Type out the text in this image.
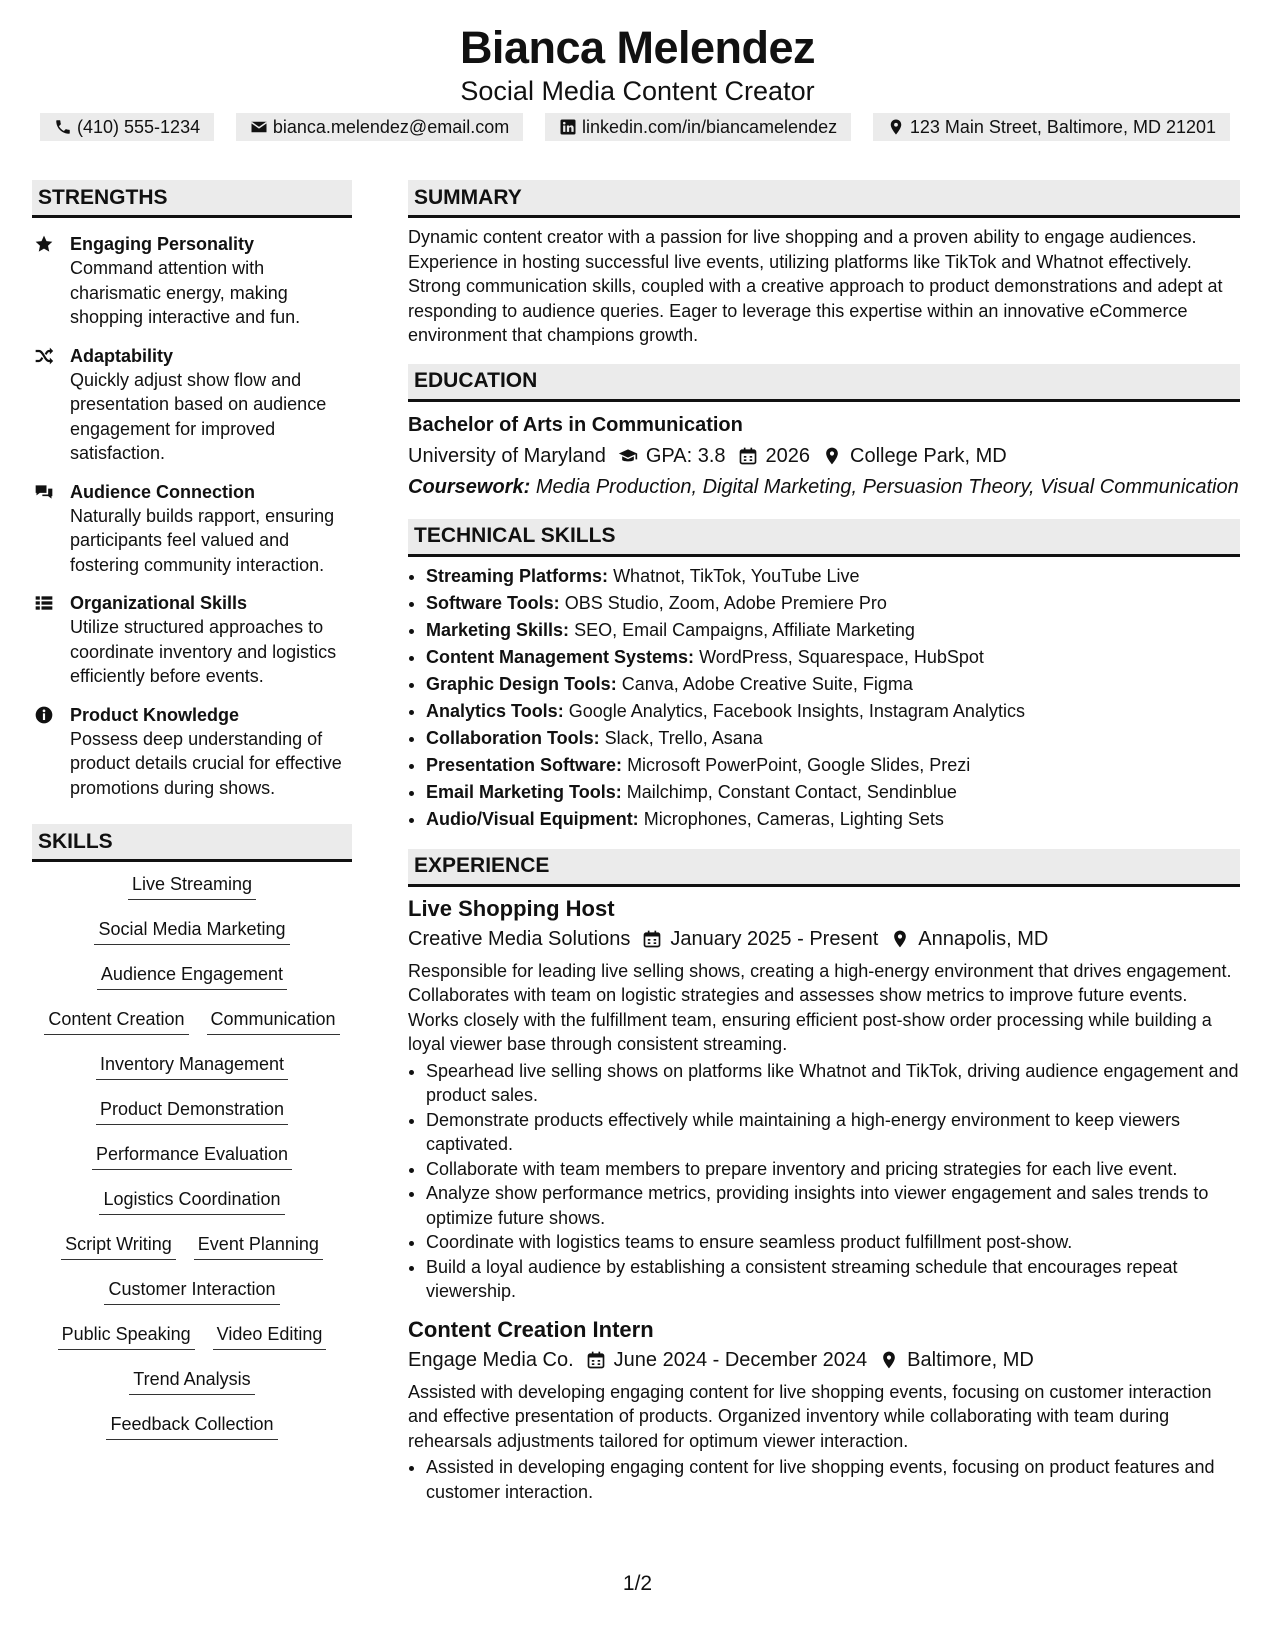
Bianca Melendez
Social Media Content Creator
(410) 555-1234	bianca.melendez@email.com	linkedin.com/in/biancamelendez	123 Main Street, Baltimore, MD 21201
STRENGTHS
Engaging Personality
Command attention with charismatic energy, making shopping interactive and fun.
Adaptability
Quickly adjust show flow and presentation based on audience engagement for improved satisfaction.
Audience Connection
Naturally builds rapport, ensuring participants feel valued and fostering community interaction.
Organizational Skills
Utilize structured approaches to coordinate inventory and logistics efficiently before events.
Product Knowledge
Possess deep understanding of product details crucial for effective promotions during shows.
SKILLS
Live Streaming
Social Media Marketing
Audience Engagement
Content Creation Communication
Inventory Management
Product Demonstration
Performance Evaluation
Logistics Coordination
Script Writing Event Planning
Customer Interaction
Public Speaking Video Editing
Trend Analysis
Feedback Collection
SUMMARY
Dynamic content creator with a passion for live shopping and a proven ability to engage audiences. Experience in hosting successful live events, utilizing platforms like TikTok and Whatnot effectively. Strong communication skills, coupled with a creative approach to product demonstrations and adept at responding to audience queries. Eager to leverage this expertise within an innovative eCommerce environment that champions growth.
EDUCATION
Bachelor of Arts in Communication
University of Maryland GPA: 3.8 2026 College Park, MD
Coursework: Media Production, Digital Marketing, Persuasion Theory, Visual Communication
TECHNICAL SKILLS
• Streaming Platforms: Whatnot, TikTok, YouTube Live
• Software Tools: OBS Studio, Zoom, Adobe Premiere Pro
• Marketing Skills: SEO, Email Campaigns, Affiliate Marketing
• Content Management Systems: WordPress, Squarespace, HubSpot
• Graphic Design Tools: Canva, Adobe Creative Suite, Figma
• Analytics Tools: Google Analytics, Facebook Insights, Instagram Analytics
• Collaboration Tools: Slack, Trello, Asana
• Presentation Software: Microsoft PowerPoint, Google Slides, Prezi
• Email Marketing Tools: Mailchimp, Constant Contact, Sendinblue
• Audio/Visual Equipment: Microphones, Cameras, Lighting Sets
EXPERIENCE
Live Shopping Host
Creative Media Solutions January 2025 - Present Annapolis, MD
Responsible for leading live selling shows, creating a high-energy environment that drives engagement. Collaborates with team on logistic strategies and assesses show metrics to improve future events. Works closely with the fulfillment team, ensuring efficient post-show order processing while building a loyal viewer base through consistent streaming.
• Spearhead live selling shows on platforms like Whatnot and TikTok, driving audience engagement and product sales.
• Demonstrate products effectively while maintaining a high-energy environment to keep viewers captivated.
• Collaborate with team members to prepare inventory and pricing strategies for each live event.
• Analyze show performance metrics, providing insights into viewer engagement and sales trends to optimize future shows.
• Coordinate with logistics teams to ensure seamless product fulfillment post-show.
• Build a loyal audience by establishing a consistent streaming schedule that encourages repeat viewership.
Content Creation Intern
Engage Media Co. June 2024 - December 2024 Baltimore, MD
Assisted with developing engaging content for live shopping events, focusing on customer interaction and effective presentation of products. Organized inventory while collaborating with team during rehearsals adjustments tailored for optimum viewer interaction.
• Assisted in developing engaging content for live shopping events, focusing on product features and customer interaction.
1/2
